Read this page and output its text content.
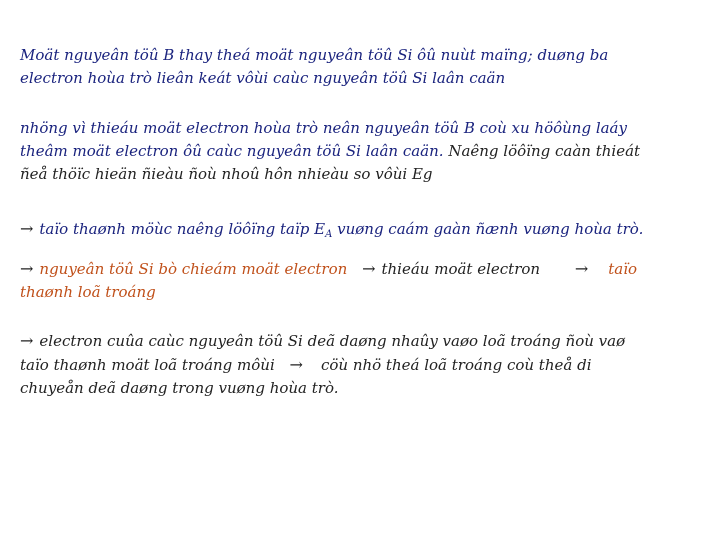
Moät nguyeân töû B thay theá moät nguyeân töû Si ôû nuùt maïng; duøng ba
electron hoùa trò lieân keát vôùi caùc nguyeân töû Si laân caän

nhöng vì thieáu moät electron hoùa trò neân nguyeân töû B coù xu höôùng laáy
theâm moät electron ôû caùc nguyeân töû Si laân caän. Naêng löôïng caàn thieát
ñeå thöïc hieän ñieàu ñoù nhoû hôn nhieàu so vôùi Eg

→ taïo thaønh möùc naêng löôïng taïp $E_A$ vuøng caám gaàn ñænh vuøng hoùa trò.

→ nguyeân töû Si bò chieám moät electron → thieáu moät electron → taïo
thaønh loã troáng

→ electron cuûa caùc nguyeân töû Si deã daøng nhaûy vaøo loã troáng ñoù vaø
taïo thaønh moät loã troáng môùi → cöù nhö theá loã troáng coù theå di
chuyeån deã daøng trong vuøng hoùa trò.
